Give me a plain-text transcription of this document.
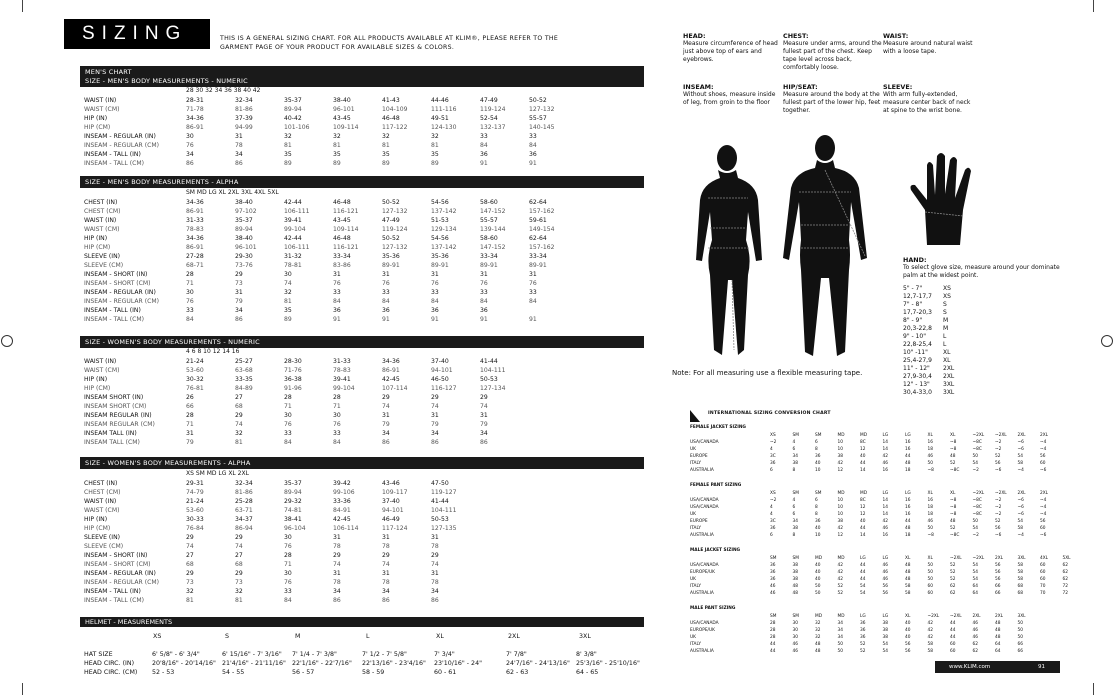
SIZING	THIS IS A GENERAL SIZING CHART. FOR ALL PRODUCTS AVAILABLE AT KLIM®, PLEASE REFER TO THE GARMENT PAGE OF YOUR PRODUCT FOR AVAILABLE SIZES & COLORS.
MEN'S CHART
SIZE - MEN'S BODY MEASUREMENTS - NUMERIC
28 30 32 34 36 38 40 42
WAIST (IN)	28-31	32-34	35-37	38-40	41-43	44-46	47-49	50-52
WAIST (CM)	71-78	81-86	89-94	96-101	104-109	111-116	119-124	127-132
HIP (IN)	34-36	37-39	40-42	43-45	46-48	49-51	52-54	55-57
HIP (CM)	86-91	94-99	101-106	109-114	117-122	124-130	132-137	140-145
INSEAM - REGULAR (IN)	30	31	32	32	32	32	33	33
INSEAM - REGULAR (CM)	76	78	81	81	81	81	84	84
INSEAM - TALL (IN)	34	34	35	35	35	35	36	36
INSEAM - TALL (CM)	86	86	89	89	89	89	91	91
SIZE - MEN'S BODY MEASUREMENTS - ALPHA
SM MD LG XL 2XL 3XL 4XL 5XL
CHEST (IN)	34-36	38-40	42-44	46-48	50-52	54-56	58-60	62-64
CHEST (CM)	86-91	97-102	106-111	116-121	127-132	137-142	147-152	157-162
WAIST (IN)	31-33	35-37	39-41	43-45	47-49	51-53	55-57	59-61
WAIST (CM)	78-83	89-94	99-104	109-114	119-124	129-134	139-144	149-154
HIP (IN)	34-36	38-40	42-44	46-48	50-52	54-56	58-60	62-64
HIP (CM)	86-91	96-101	106-111	116-121	127-132	137-142	147-152	157-162
SLEEVE (IN)	27-28	29-30	31-32	33-34	35-36	35-36	33-34	33-34
SLEEVE (CM)	68-71	73-76	78-81	83-86	89-91	89-91	89-91	89-91
INSEAM - SHORT (IN)	28	29	30	31	31	31	31	31
INSEAM - SHORT (CM)	71	73	74	76	76	76	76	76
INSEAM - REGULAR (IN)	30	31	32	33	33	33	33	33
INSEAM - REGULAR (CM)	76	79	81	84	84	84	84	84
INSEAM - TALL (IN)	33	34	35	36	36	36	36	
INSEAM - TALL (CM)	84	86	89	91	91	91	91	91
SIZE - WOMEN'S BODY MEASUREMENTS - NUMERIC
4 6 8 10 12 14 16
WAIST (IN)	21-24	25-27	28-30	31-33	34-36	37-40	41-44
WAIST (CM)	53-60	63-68	71-76	78-83	86-91	94-101	104-111
HIP (IN)	30-32	33-35	36-38	39-41	42-45	46-50	50-53
HIP (CM)	76-81	84-89	91-96	99-104	107-114	116-127	127-134
INSEAM SHORT (IN)	26	27	28	28	29	29	29
INSEAM SHORT (CM)	66	68	71	71	74	74	74
INSEAM REGULAR (IN)	28	29	30	30	31	31	31
INSEAM REGULAR (CM)	71	74	76	76	79	79	79
INSEAM TALL (IN)	31	32	33	33	34	34	34
INSEAM TALL (CM)	79	81	84	84	86	86	86
SIZE - WOMEN'S BODY MEASUREMENTS - ALPHA
XS SM MD LG XL 2XL
CHEST (IN)	29-31	32-34	35-37	39-42	43-46	47-50
CHEST (CM)	74-79	81-86	89-94	99-106	109-117	119-127
WAIST (IN)	21-24	25-28	29-32	33-36	37-40	41-44
WAIST (CM)	53-60	63-71	74-81	84-91	94-101	104-111
HIP (IN)	30-33	34-37	38-41	42-45	46-49	50-53
HIP (CM)	76-84	86-94	96-104	106-114	117-124	127-135
SLEEVE (IN)	29	29	30	31	31	31
SLEEVE (CM)	74	74	76	78	78	78
INSEAM - SHORT (IN)	27	27	28	29	29	29
INSEAM - SHORT (CM)	68	68	71	74	74	74
INSEAM - REGULAR (IN)	29	29	30	31	31	31
INSEAM - REGULAR (CM)	73	73	76	78	78	78
INSEAM - TALL (IN)	32	32	33	34	34	34
INSEAM - TALL (CM)	81	81	84	86	86	86
HELMET - MEASUREMENTS
XS	S	M	L	XL	2XL	3XL
HAT SIZE	6' 5/8" - 6' 3/4"	6' 15/16" - 7' 3/16"	7' 1/4 - 7' 3/8"	7' 1/2 - 7' 5/8"	7' 3/4"	7' 7/8"	8' 3/8"
HEAD CIRC. (IN)	20'8/16" - 20'14/16"	21'4/16" - 21'11/16"	22'1/16" - 22'7/16"	22'13/16" - 23'4/16"	23'10/16" - 24"	24'7/16" - 24'13/16"	25'3/16" - 25'10/16"
HEAD CIRC. (CM)	52 - 53	54 - 55	56 - 57	58 - 59	60 - 61	62 - 63	64 - 65
HEAD:
Measure circumference of head just above top of ears and eyebrows.
CHEST:
Measure under arms, around the fullest part of the chest. Keep tape level across back, comfortably loose.
WAIST:
Measure around natural waist with a loose tape.
INSEAM:
Without shoes, measure inside of leg, from groin to the floor
HIP/SEAT:
Measure around the body at the fullest part of the lower hip, feet together.
SLEEVE:
With arm fully-extended, measure center back of neck at spine to the wrist bone.
Note: For all measuring use a flexible measuring tape.
HAND:
To select glove size, measure around your dominate palm at the widest point.
5" - 7"	XS
12,7-17,7	XS
7" - 8"	S
17,7-20,3	S
8" - 9"	M
20,3-22,8	M
9" - 10"	L
22,8-25,4	L
10" -11"	XL
25,4-27,9	XL
11" - 12"	2XL
27,9-30,4	2XL
12" - 13"	3XL
30,4-33,0	3XL
INTERNATIONAL SIZING CONVERSION CHART
FEMALE JACKET SIZING
XS	SM	SM	MD	MD	LG	LG	XL	XL	~2XL	~2XL	2XL	2XL
USA/CANADA	~2	4	6	10	8C	14	16	16	~8	~8C	~2	~6	~4
UK	4	6	8	10	12	14	16	18	~8	~8C	~2	~6	~4
EUROPE	3C	34	36	38	40	42	44	46	48	50	52	54	56
ITALY	36	38	40	42	44	46	48	50	52	54	56	58	60
AUSTRALIA	6	8	10	12	14	16	18	~8	~8C	~2	~6	~4	~6
FEMALE PANT SIZING
XS	SM	SM	MD	MD	LG	LG	XL	XL	~2XL	~2XL	2XL	2XL
USA/CANADA	~2	4	6	10	8C	14	16	16	~8	~8C	~2	~6	~4
USA/CANADA	4	6	8	10	12	14	16	18	~8	~8C	~2	~6	~4
UK	4	6	8	10	12	14	16	18	~8	~8C	~2	~6	~4
EUROPE	3C	34	36	38	40	42	44	46	48	50	52	54	56
ITALY	36	38	40	42	44	46	48	50	52	54	56	58	60
AUSTRALIA	6	8	10	12	14	16	18	~8	~8C	~2	~6	~4	~6
MALE JACKET SIZING
SM	SM	MD	MD	LG	LG	XL	XL	~2XL	~2XL	2XL	3XL	4XL	5XL
USA/CANADA	36	38	40	42	44	46	48	50	52	54	56	58	60	62
EUROPE/UK	36	38	40	42	44	46	48	50	52	54	56	58	60	62
UK	36	38	40	42	44	46	48	50	52	54	56	58	60	62
ITALY	46	48	50	52	54	56	58	60	62	64	66	68	70	72
AUSTRALIA	46	48	50	52	54	56	58	60	62	64	66	68	70	72
MALE PANT SIZING
SM	SM	MD	MD	LG	LG	XL	~2XL	~2XL	2XL	2XL	3XL
USA/CANADA	28	30	32	34	36	38	40	42	44	46	48	50
EUROPE/UK	28	30	32	34	36	38	40	42	44	46	48	50
UK	28	30	32	34	36	38	40	42	44	46	48	50
ITALY	44	46	48	50	52	54	56	58	60	62	64	66
AUSTRALIA	44	46	48	50	52	54	56	58	60	62	64	66
www.KLIM.com	91
